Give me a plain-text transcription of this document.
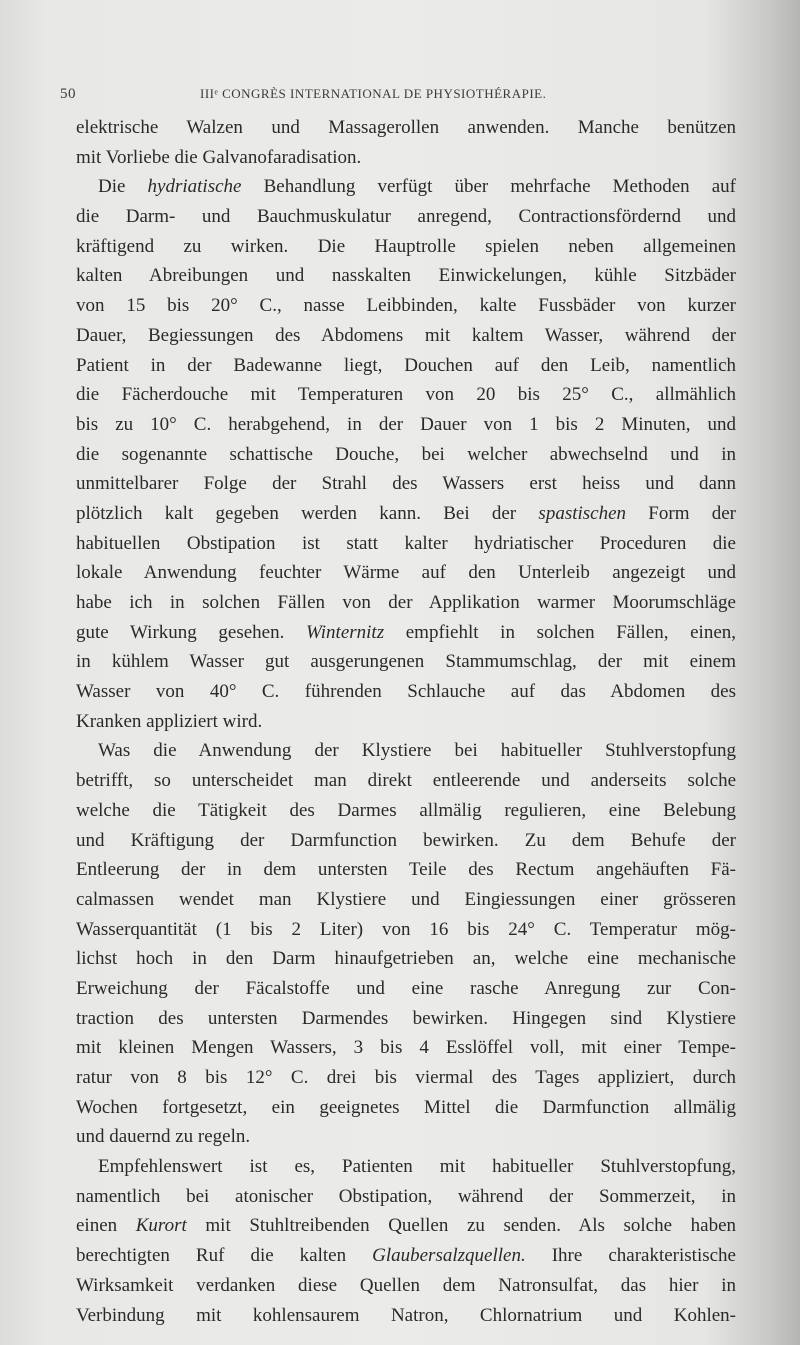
50	IIIᵉ CONGRÈS INTERNATIONAL DE PHYSIOTHÉRAPIE.
elektrische Walzen und Massagerollen anwenden. Manche benützen
mit Vorliebe die Galvanofaradisation.
Die hydriatische Behandlung verfügt über mehrfache Methoden auf
die Darm- und Bauchmuskulatur anregend, Contractionsfördernd und
kräftigend zu wirken. Die Hauptrolle spielen neben allgemeinen
kalten Abreibungen und nasskalten Einwickelungen, kühle Sitzbäder
von 15 bis 20° C., nasse Leibbinden, kalte Fussbäder von kurzer
Dauer, Begiessungen des Abdomens mit kaltem Wasser, während der
Patient in der Badewanne liegt, Douchen auf den Leib, namentlich
die Fächerdouche mit Temperaturen von 20 bis 25° C., allmählich
bis zu 10° C. herabgehend, in der Dauer von 1 bis 2 Minuten, und
die sogenannte schattische Douche, bei welcher abwechselnd und in
unmittelbarer Folge der Strahl des Wassers erst heiss und dann
plötzlich kalt gegeben werden kann. Bei der spastischen Form der
habituellen Obstipation ist statt kalter hydriatischer Proceduren die
lokale Anwendung feuchter Wärme auf den Unterleib angezeigt und
habe ich in solchen Fällen von der Applikation warmer Moorumschläge
gute Wirkung gesehen. Winternitz empfiehlt in solchen Fällen, einen,
in kühlem Wasser gut ausgerungenen Stammumschlag, der mit einem
Wasser von 40° C. führenden Schlauche auf das Abdomen des
Kranken appliziert wird.
Was die Anwendung der Klystiere bei habitueller Stuhlverstopfung
betrifft, so unterscheidet man direkt entleerende und anderseits solche
welche die Tätigkeit des Darmes allmälig regulieren, eine Belebung
und Kräftigung der Darmfunction bewirken. Zu dem Behufe der
Entleerung der in dem untersten Teile des Rectum angehäuften Fä-
calmassen wendet man Klystiere und Eingiessungen einer grösseren
Wasserquantität (1 bis 2 Liter) von 16 bis 24° C. Temperatur mög-
lichst hoch in den Darm hinaufgetrieben an, welche eine mechanische
Erweichung der Fäcalstoffe und eine rasche Anregung zur Con-
traction des untersten Darmendes bewirken. Hingegen sind Klystiere
mit kleinen Mengen Wassers, 3 bis 4 Esslöffel voll, mit einer Tempe-
ratur von 8 bis 12° C. drei bis viermal des Tages appliziert, durch
Wochen fortgesetzt, ein geeignetes Mittel die Darmfunction allmälig
und dauernd zu regeln.
Empfehlenswert ist es, Patienten mit habitueller Stuhlverstopfung,
namentlich bei atonischer Obstipation, während der Sommerzeit, in
einen Kurort mit Stuhltreibenden Quellen zu senden. Als solche haben
berechtigten Ruf die kalten Glaubersalzquellen. Ihre charakteristische
Wirksamkeit verdanken diese Quellen dem Natronsulfat, das hier in
Verbindung mit kohlensaurem Natron, Chlornatrium und Kohlen-
